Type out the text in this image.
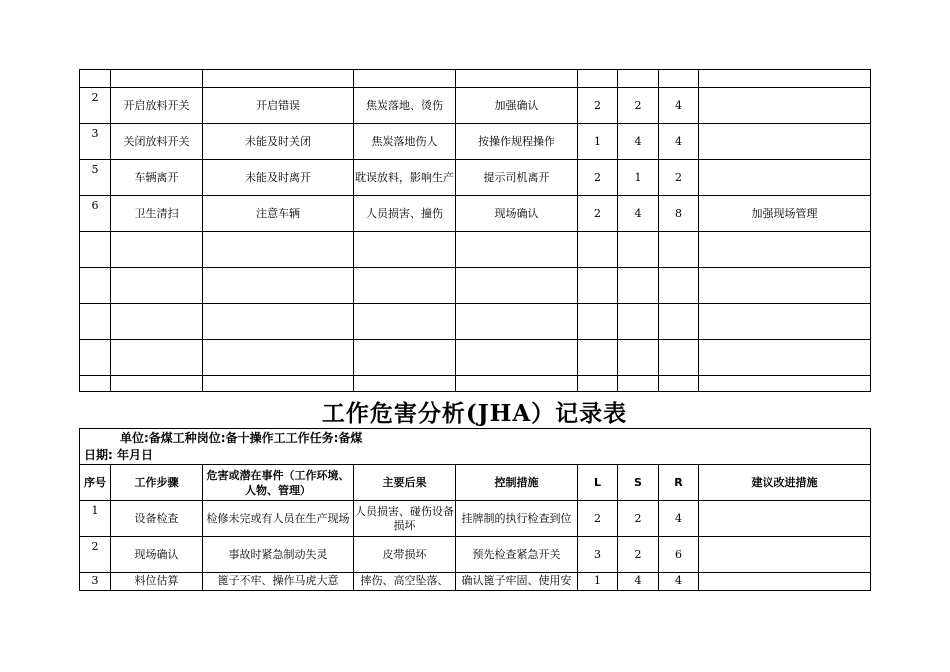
2	开启放料开关	开启错误	焦炭落地、烫伤	加强确认	2	2	4	
3	关闭放料开关	未能及时关闭	焦炭落地伤人	按操作规程操作	1	4	4	
5	车辆离开	未能及时离开	耽误放料，影响生产	提示司机离开	2	1	2	
6	卫生清扫	注意车辆	人员损害、撞伤	现场确认	2	4	8	加强现场管理

工作危害分析(JHA）记录表
单位:备煤工种岗位:备十操作工工作任务:备煤
日期: 年月日								

序号	工作步骤	危害或潜在事件（工作环境、人物、管理）	主要后果	控制措施	L	S	R	建议改进措施
1	设备检查	检修未完或有人员在生产现场	人员损害、碰伤设备损坏	挂牌制的执行检查到位	2	2	4	
2	现场确认	事故时紧急制动失灵	皮带损坏	预先检查紧急开关	3	2	6	
3	料位估算	篦子不牢、操作马虎大意	摔伤、高空坠落、	确认篦子牢固、使用安	1	4	4	
